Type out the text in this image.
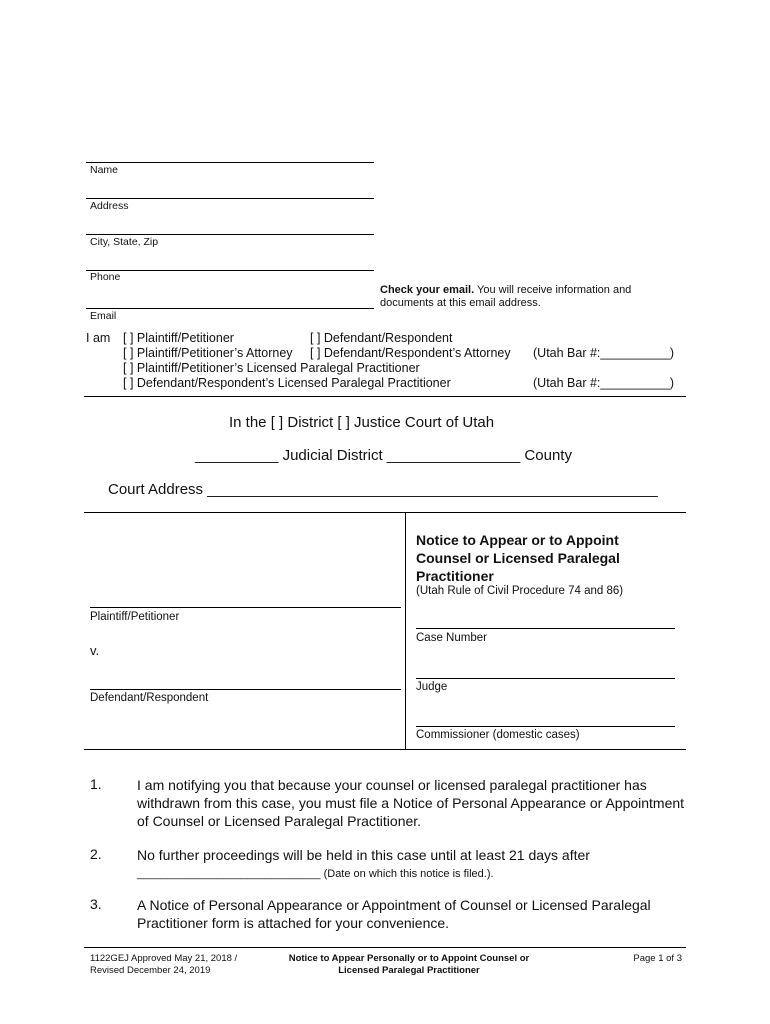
Name
Address
City, State, Zip
Phone
Email
Check your email. You will receive information and
documents at this email address.
I am [ ] Plaintiff/Petitioner	[ ] Defendant/Respondent
[ ] Plaintiff/Petitioner’s Attorney [ ] Defendant/Respondent’s Attorney (Utah Bar #:__________)
[ ] Plaintiff/Petitioner’s Licensed Paralegal Practitioner
[ ] Defendant/Respondent’s Licensed Paralegal Practitioner	(Utah Bar #:__________)
In the [ ] District [ ] Justice Court of Utah
__________ Judicial District ________________ County
Court Address ______________________________________________________
Notice to Appear or to Appoint Counsel or Licensed Paralegal Practitioner
(Utah Rule of Civil Procedure 74 and 86)
Plaintiff/Petitioner
v.
Defendant/Respondent
Case Number
Judge
Commissioner (domestic cases)
1.	I am notifying you that because your counsel or licensed paralegal practitioner has withdrawn from this case, you must file a Notice of Personal Appearance or Appointment of Counsel or Licensed Paralegal Practitioner.
2.	No further proceedings will be held in this case until at least 21 days after
______________________________ (Date on which this notice is filed.).
3.	A Notice of Personal Appearance or Appointment of Counsel or Licensed Paralegal Practitioner form is attached for your convenience.
1122GEJ Approved May 21, 2018 /
Revised December 24, 2019
Notice to Appear Personally or to Appoint Counsel or
Licensed Paralegal Practitioner
Page 1 of 3
